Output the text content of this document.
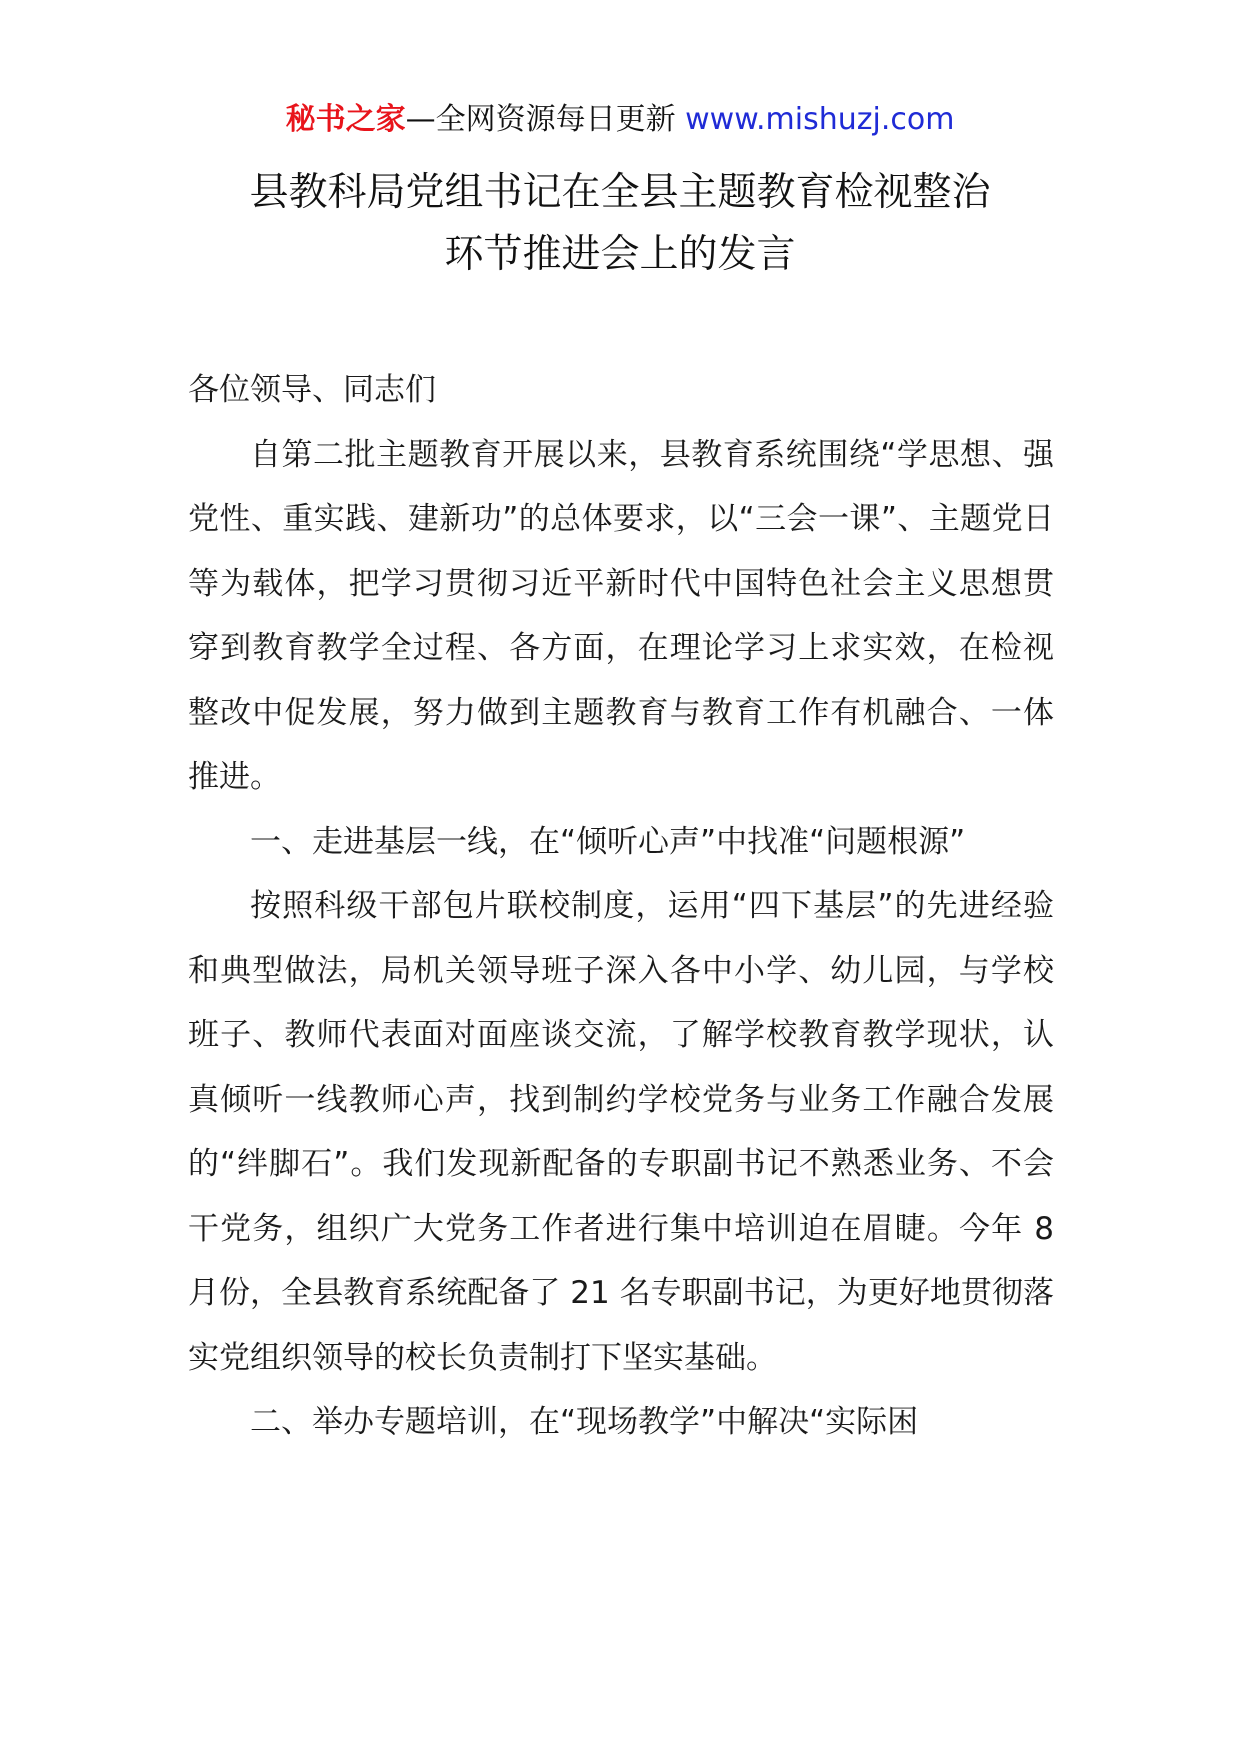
秘书之家—全网资源每日更新 www.mishuzj.com
县教科局党组书记在全县主题教育检视整治
环节推进会上的发言

各位领导、同志们

自第二批主题教育开展以来，县教育系统围绕“学思想、强党性、重实践、建新功”的总体要求，以“三会一课”、主题党日等为载体，把学习贯彻习近平新时代中国特色社会主义思想贯穿到教育教学全过程、各方面，在理论学习上求实效，在检视整改中促发展，努力做到主题教育与教育工作有机融合、一体推进。

一、走进基层一线，在“倾听心声”中找准“问题根源”

按照科级干部包片联校制度，运用“四下基层”的先进经验和典型做法，局机关领导班子深入各中小学、幼儿园，与学校班子、教师代表面对面座谈交流，了解学校教育教学现状，认真倾听一线教师心声，找到制约学校党务与业务工作融合发展的“绊脚石”。我们发现新配备的专职副书记不熟悉业务、不会干党务，组织广大党务工作者进行集中培训迫在眉睫。今年 8 月份，全县教育系统配备了 21 名专职副书记，为更好地贯彻落实党组织领导的校长负责制打下坚实基础。

二、举办专题培训，在“现场教学”中解决“实际困
